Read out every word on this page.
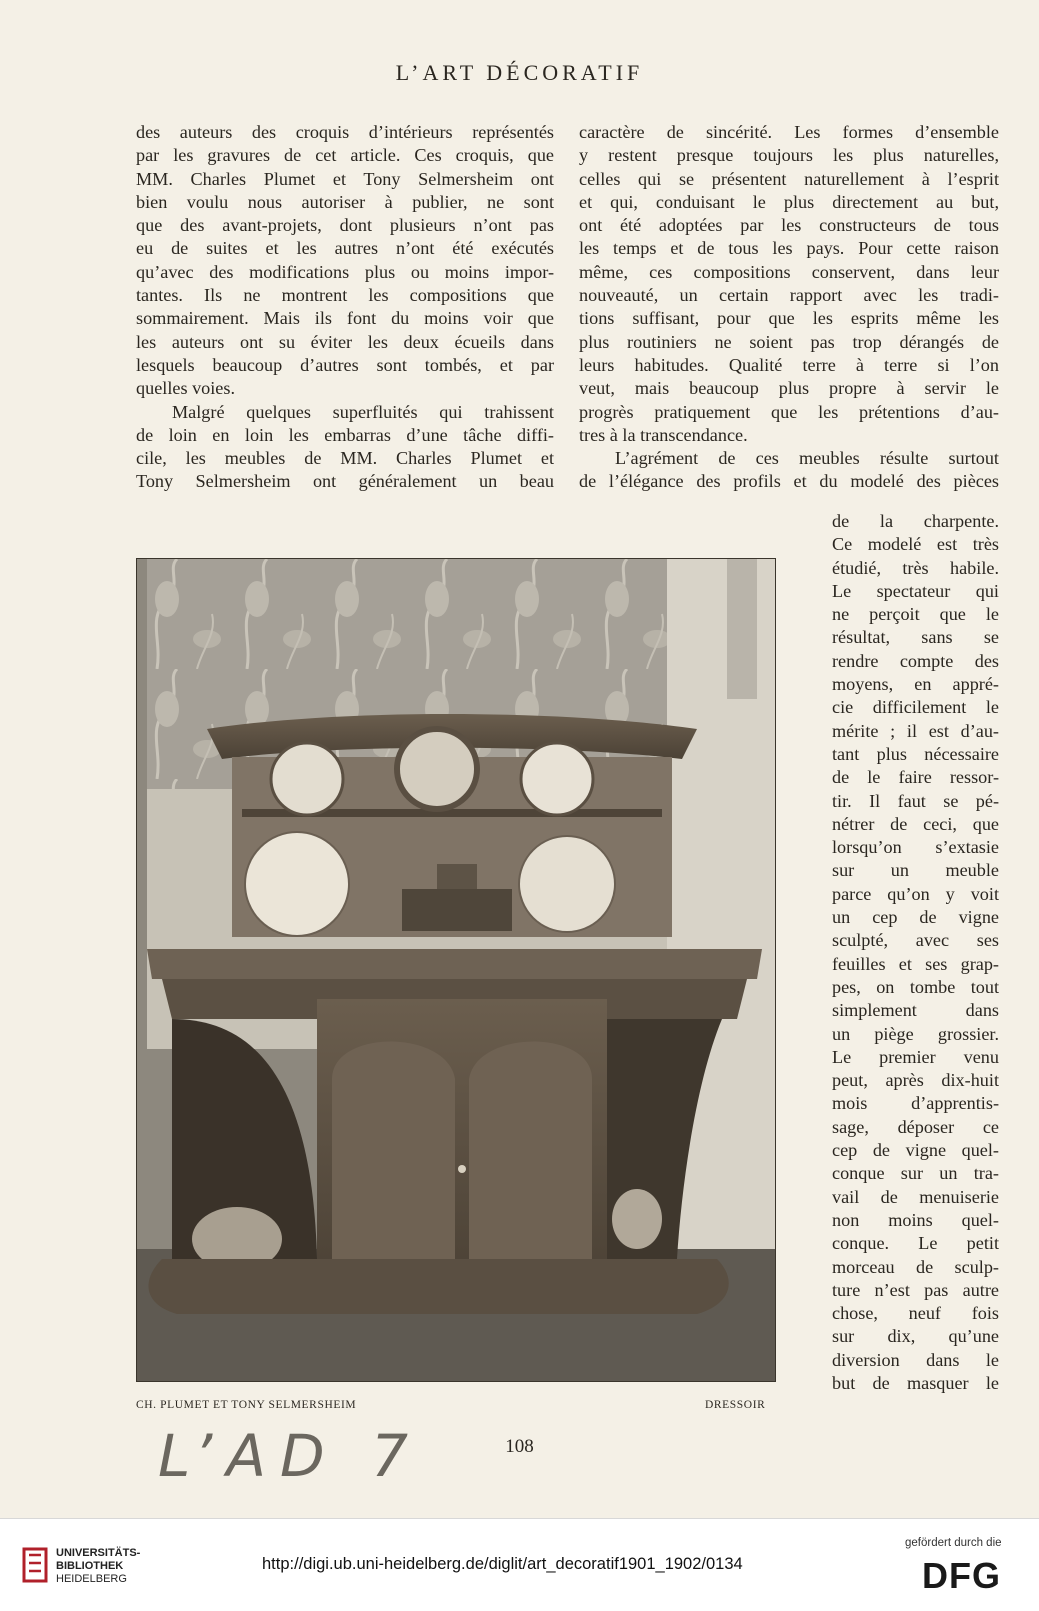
L’ART DÉCORATIF
des auteurs des croquis d’intérieurs représentés
par les gravures de cet article. Ces croquis, que
MM. Charles Plumet et Tony Selmersheim ont
bien voulu nous autoriser à publier, ne sont
que des avant-projets, dont plusieurs n’ont pas
eu de suites et les autres n’ont été exécutés
qu’avec des modifications plus ou moins impor-
tantes. Ils ne montrent les compositions que
sommairement. Mais ils font du moins voir que
les auteurs ont su éviter les deux écueils dans
lesquels beaucoup d’autres sont tombés, et par
quelles voies.
Malgré quelques superfluités qui trahissent
de loin en loin les embarras d’une tâche diffi-
cile, les meubles de MM. Charles Plumet et
Tony Selmersheim ont généralement un beau
caractère de sincérité. Les formes d’ensemble
y restent presque toujours les plus naturelles,
celles qui se présentent naturellement à l’esprit
et qui, conduisant le plus directement au but,
ont été adoptées par les constructeurs de tous
les temps et de tous les pays. Pour cette raison
même, ces compositions conservent, dans leur
nouveauté, un certain rapport avec les tradi-
tions suffisant, pour que les esprits même les
plus routiniers ne soient pas trop dérangés de
leurs habitudes. Qualité terre à terre si l’on
veut, mais beaucoup plus propre à servir le
progrès pratiquement que les prétentions d’au-
tres à la transcendance.
L’agrément de ces meubles résulte surtout
de l’élégance des profils et du modelé des pièces
de la charpente.
Ce modelé est très
étudié, très habile.
Le spectateur qui
ne perçoit que le
résultat, sans se
rendre compte des
moyens, en appré-
cie difficilement le
mérite ; il est d’au-
tant plus nécessaire
de le faire ressor-
tir. Il faut se pé-
nétrer de ceci, que
lorsqu’on s’extasie
sur un meuble
parce qu’on y voit
un cep de vigne
sculpté, avec ses
feuilles et ses grap-
pes, on tombe tout
simplement dans
un piège grossier.
Le premier venu
peut, après dix-huit
mois d’apprentis-
sage, déposer ce
cep de vigne quel-
conque sur un tra-
vail de menuiserie
non moins quel-
conque. Le petit
morceau de sculp-
ture n’est pas autre
chose, neuf fois
sur dix, qu’une
diversion dans le
but de masquer le
CH. PLUMET ET TONY SELMERSHEIM	DRESSOIR
L’AD 7	108
UNIVERSITÄTS-
BIBLIOTHEK
HEIDELBERG
http://digi.ub.uni-heidelberg.de/diglit/art_decoratif1901_1902/0134
gefördert durch die
DFG
